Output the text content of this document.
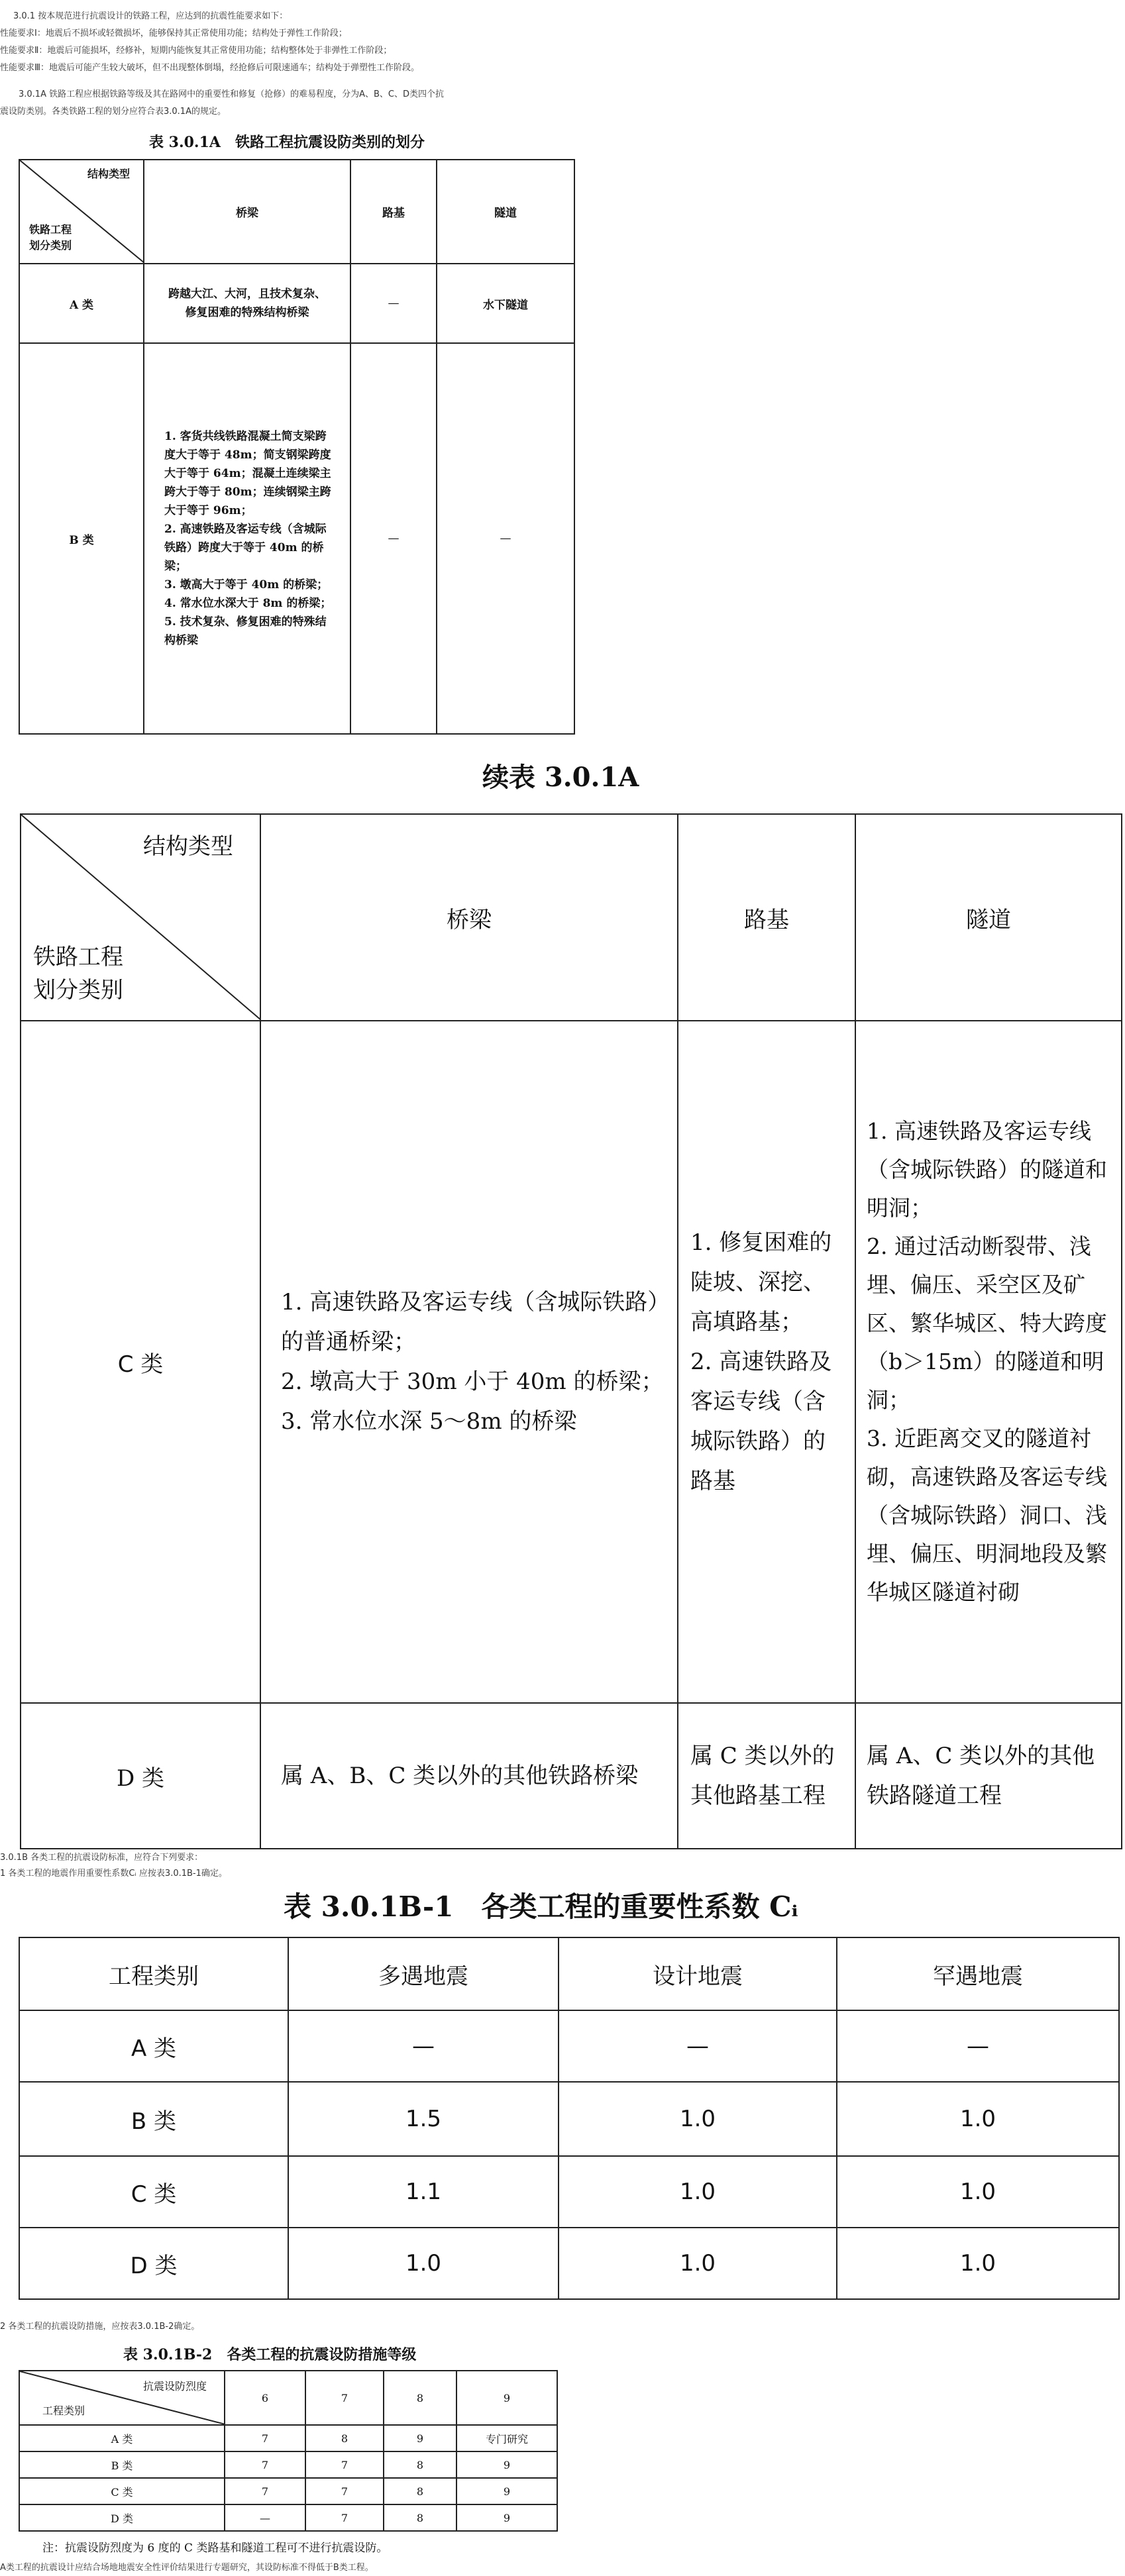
3.0.1 按本规范进行抗震设计的铁路工程，应达到的抗震性能要求如下：
性能要求Ⅰ：地震后不损坏或轻微损坏，能够保持其正常使用功能；结构处于弹性工作阶段；
性能要求Ⅱ：地震后可能损坏，经修补，短期内能恢复其正常使用功能；结构整体处于非弹性工作阶段；
性能要求Ⅲ：地震后可能产生较大破坏，但不出现整体倒塌，经抢修后可限速通车；结构处于弹塑性工作阶段。
3.0.1A 铁路工程应根据铁路等级及其在路网中的重要性和修复（抢修）的难易程度，分为A、B、C、D类四个抗
震设防类别。各类铁路工程的划分应符合表3.0.1A的规定。
表 3.0.1A　铁路工程抗震设防类别的划分
结构类型
铁路工程
划分类别	桥梁	路基	隧道
A 类	跨越大江、大河，且技术复杂、修复困难的特殊结构桥梁	—	水下隧道
B 类	1. 客货共线铁路混凝土简支梁跨度大于等于 48m；简支钢梁跨度大于等于 64m；混凝土连续梁主跨大于等于 80m；连续钢梁主跨大于等于 96m；
2. 高速铁路及客运专线（含城际铁路）跨度大于等于 40m 的桥梁；
3. 墩高大于等于 40m 的桥梁；
4. 常水位水深大于 8m 的桥梁；
5. 技术复杂、修复困难的特殊结构桥梁	—	—
续表 3.0.1A
结构类型
铁路工程
划分类别	桥梁	路基	隧道
C 类	1. 高速铁路及客运专线（含城际铁路）的普通桥梁；
2. 墩高大于 30m 小于 40m 的桥梁；
3. 常水位水深 5～8m 的桥梁	1. 修复困难的陡坡、深挖、高填路基；
2. 高速铁路及客运专线（含城际铁路）的路基	1. 高速铁路及客运专线（含城际铁路）的隧道和明洞；
2. 通过活动断裂带、浅埋、偏压、采空区及矿区、繁华城区、特大跨度（b＞15m）的隧道和明洞；
3. 近距离交叉的隧道衬砌，高速铁路及客运专线（含城际铁路）洞口、浅埋、偏压、明洞地段及繁华城区隧道衬砌
D 类	属 A、B、C 类以外的其他铁路桥梁	属 C 类以外的其他路基工程	属 A、C 类以外的其他铁路隧道工程
3.0.1B 各类工程的抗震设防标准，应符合下列要求：
1 各类工程的地震作用重要性系数Cᵢ 应按表3.0.1B-1确定。
表 3.0.1B-1　各类工程的重要性系数 Cᵢ
工程类别	多遇地震	设计地震	罕遇地震
A 类	—	—	—
B 类	1.5	1.0	1.0
C 类	1.1	1.0	1.0
D 类	1.0	1.0	1.0
2 各类工程的抗震设防措施，应按表3.0.1B-2确定。
表 3.0.1B-2　各类工程的抗震设防措施等级
抗震设防烈度
工程类别	6	7	8	9
A 类	7	8	9	专门研究
B 类	7	7	8	9
C 类	7	7	8	9
D 类	—	7	8	9
注：抗震设防烈度为 6 度的 C 类路基和隧道工程可不进行抗震设防。
A类工程的抗震设计应结合场地地震安全性评价结果进行专题研究，其设防标准不得低于B类工程。
